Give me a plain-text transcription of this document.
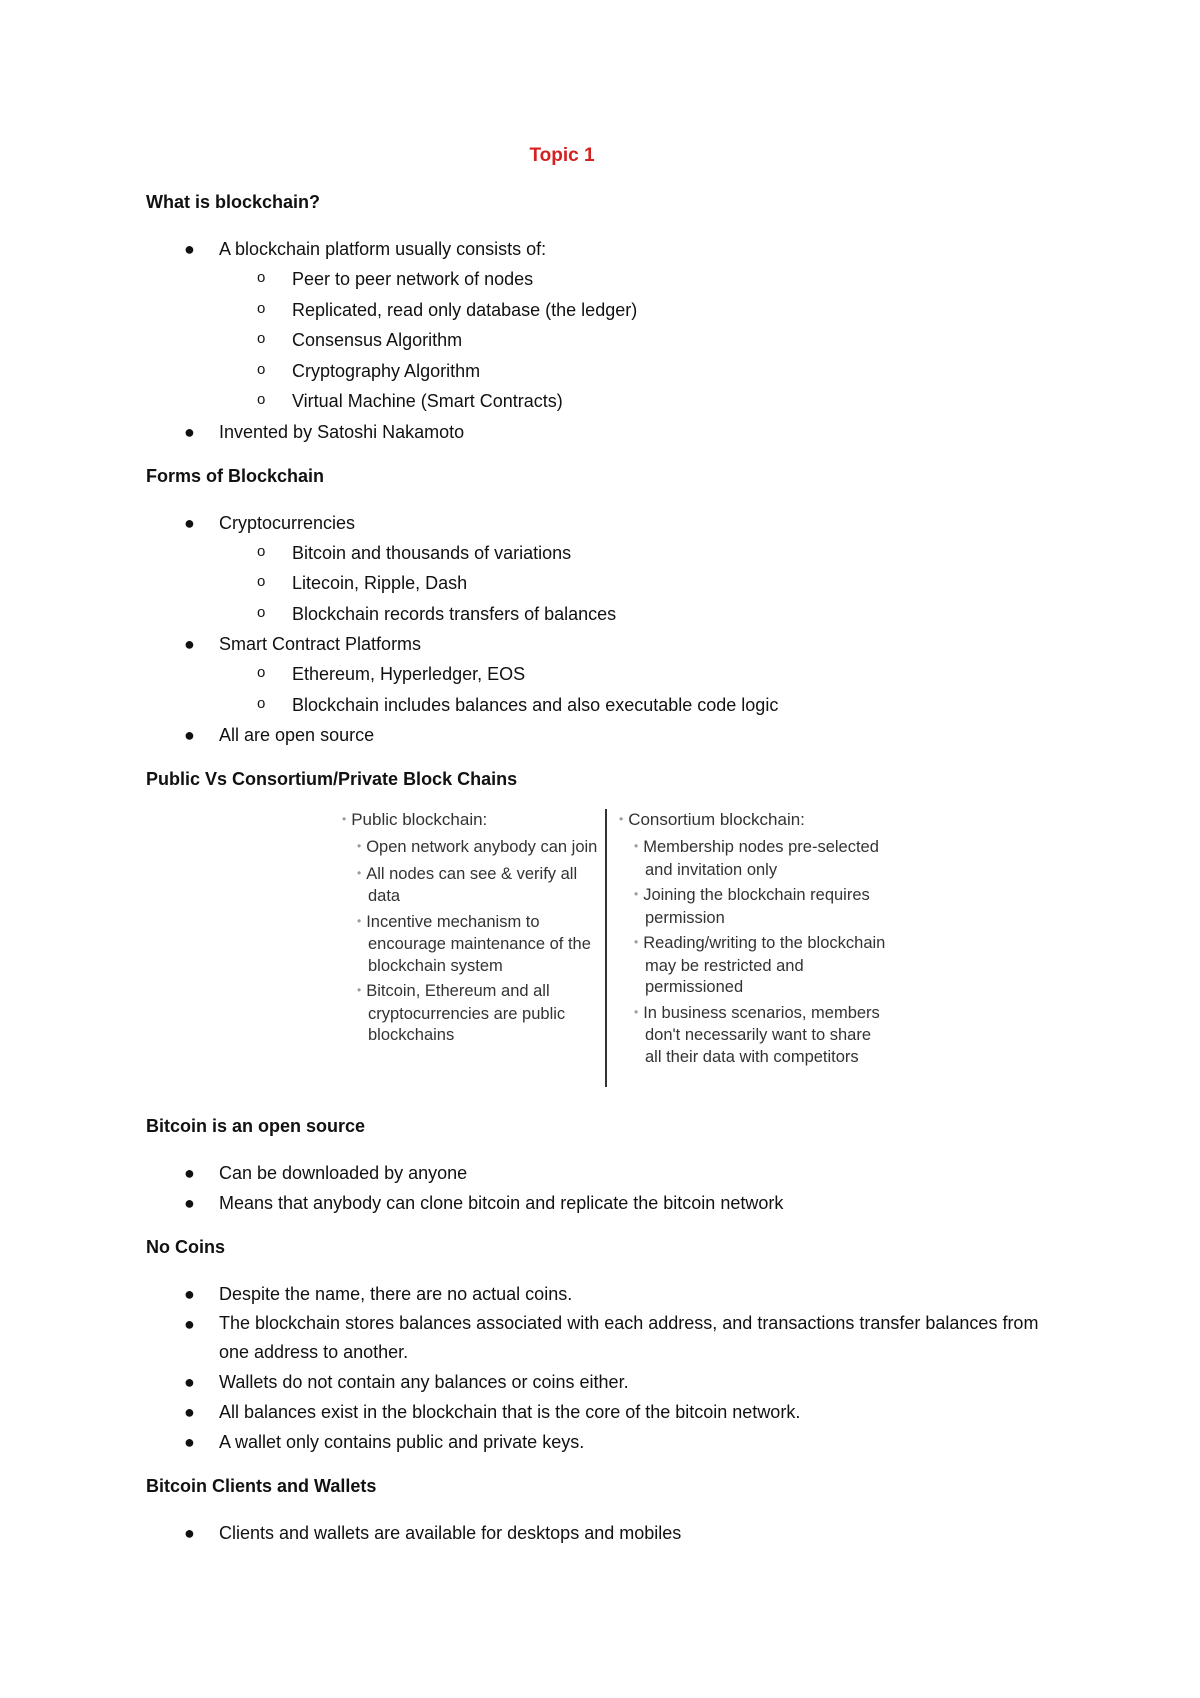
Topic 1
What is blockchain?
● A blockchain platform usually consists of:
o Peer to peer network of nodes
o Replicated, read only database (the ledger)
o Consensus Algorithm
o Cryptography Algorithm
o Virtual Machine (Smart Contracts)
● Invented by Satoshi Nakamoto
Forms of Blockchain
● Cryptocurrencies
o Bitcoin and thousands of variations
o Litecoin, Ripple, Dash
o Blockchain records transfers of balances
● Smart Contract Platforms
o Ethereum, Hyperledger, EOS
o Blockchain includes balances and also executable code logic
● All are open source
Public Vs Consortium/Private Block Chains
• Public blockchain:
• Open network anybody can join
• All nodes can see & verify all data
• Incentive mechanism to encourage maintenance of the blockchain system
• Bitcoin, Ethereum and all cryptocurrencies are public blockchains
• Consortium blockchain:
• Membership nodes pre-selected and invitation only
• Joining the blockchain requires permission
• Reading/writing to the blockchain may be restricted and permissioned
• In business scenarios, members don't necessarily want to share all their data with competitors
Bitcoin is an open source
● Can be downloaded by anyone
● Means that anybody can clone bitcoin and replicate the bitcoin network
No Coins
● Despite the name, there are no actual coins.
● The blockchain stores balances associated with each address, and transactions transfer balances from one address to another.
● Wallets do not contain any balances or coins either.
● All balances exist in the blockchain that is the core of the bitcoin network.
● A wallet only contains public and private keys.
Bitcoin Clients and Wallets
● Clients and wallets are available for desktops and mobiles
